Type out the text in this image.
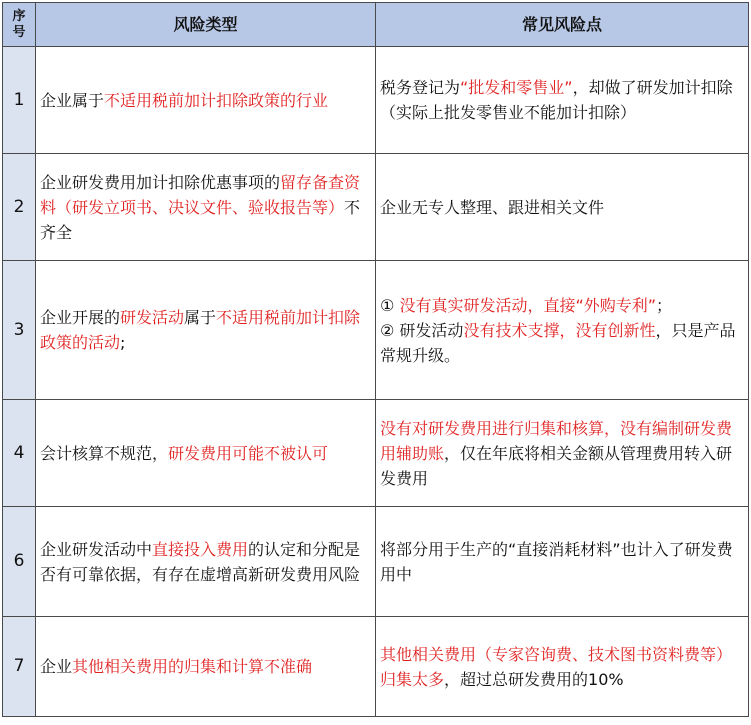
序
号	风险类型	常见风险点
1	企业属于不适用税前加计扣除政策的行业	税务登记为“批发和零售业”，却做了研发加计扣除（实际上批发零售业不能加计扣除）
2	企业研发费用加计扣除优惠事项的留存备查资料（研发立项书、决议文件、验收报告等）不齐全	企业无专人整理、跟进相关文件
3	企业开展的研发活动属于不适用税前加计扣除政策的活动;	① 没有真实研发活动，直接“外购专利”；
② 研发活动没有技术支撑，没有创新性，只是产品常规升级。

4	会计核算不规范，研发费用可能不被认可	没有对研发费用进行归集和核算，没有编制研发费用辅助账，仅在年底将相关金额从管理费用转入研发费用
6	企业研发活动中直接投入费用的认定和分配是否有可靠依据，有存在虚增高新研发费用风险	将部分用于生产的“直接消耗材料”也计入了研发费用中
7	企业其他相关费用的归集和计算不准确	其他相关费用（专家咨询费、技术图书资料费等）归集太多，超过总研发费用的10%
